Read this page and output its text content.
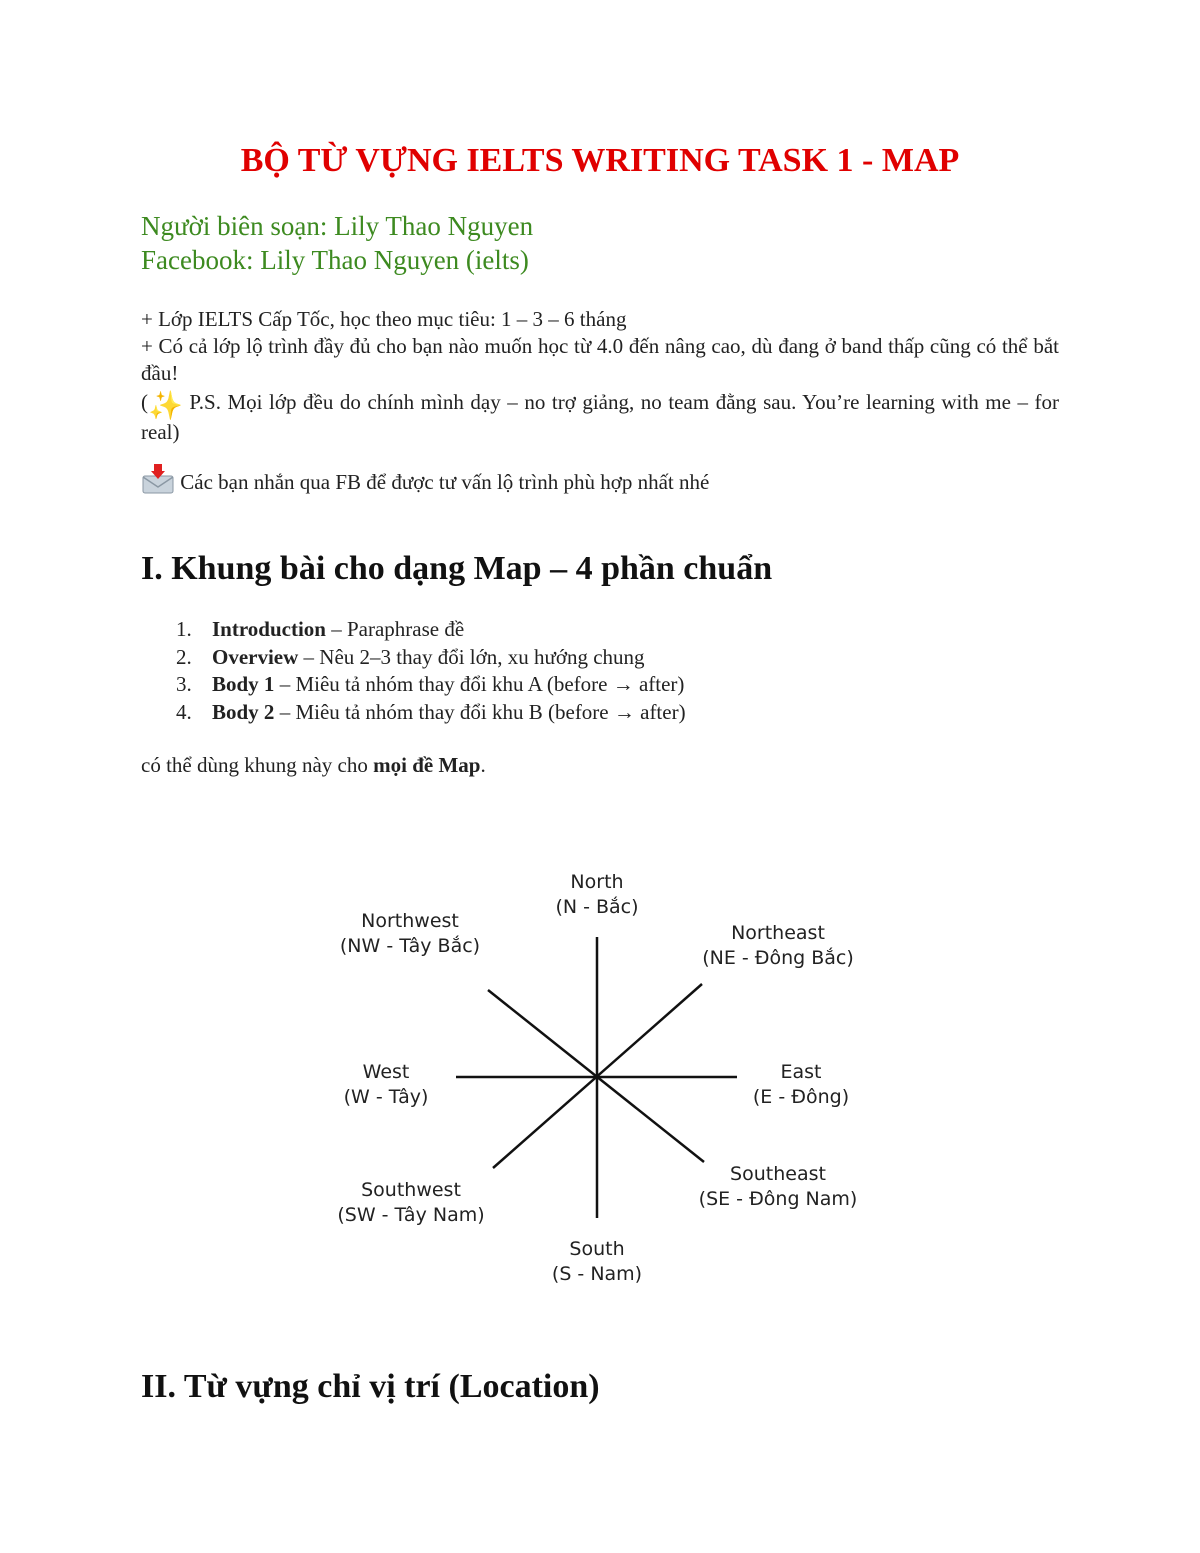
BỘ TỪ VỰNG IELTS WRITING TASK 1 - MAP
Người biên soạn: Lily Thao Nguyen
Facebook: Lily Thao Nguyen (ielts)

+ Lớp IELTS Cấp Tốc, học theo mục tiêu: 1 – 3 – 6 tháng

+ Có cả lớp lộ trình đầy đủ cho bạn nào muốn học từ 4.0 đến nâng cao, dù đang ở band thấp cũng có thể bắt đầu!

(✨ P.S. Mọi lớp đều do chính mình dạy – no trợ giảng, no team đằng sau. You’re learning with me – for real)

Các bạn nhắn qua FB để được tư vấn lộ trình phù hợp nhất nhé

I. Khung bài cho dạng Map – 4 phần chuẩn
1. Introduction – Paraphrase đề
2. Overview – Nêu 2–3 thay đổi lớn, xu hướng chung
3. Body 1 – Miêu tả nhóm thay đổi khu A (before → after)
4. Body 2 – Miêu tả nhóm thay đổi khu B (before → after)
có thể dùng khung này cho mọi đề Map.
North
(N - Bắc)
Northeast
(NE - Đông Bắc)
East
(E - Đông)
Southeast
(SE - Đông Nam)
South
(S - Nam)
Southwest
(SW - Tây Nam)
West
(W - Tây)
Northwest
(NW - Tây Bắc)
II. Từ vựng chỉ vị trí (Location)
